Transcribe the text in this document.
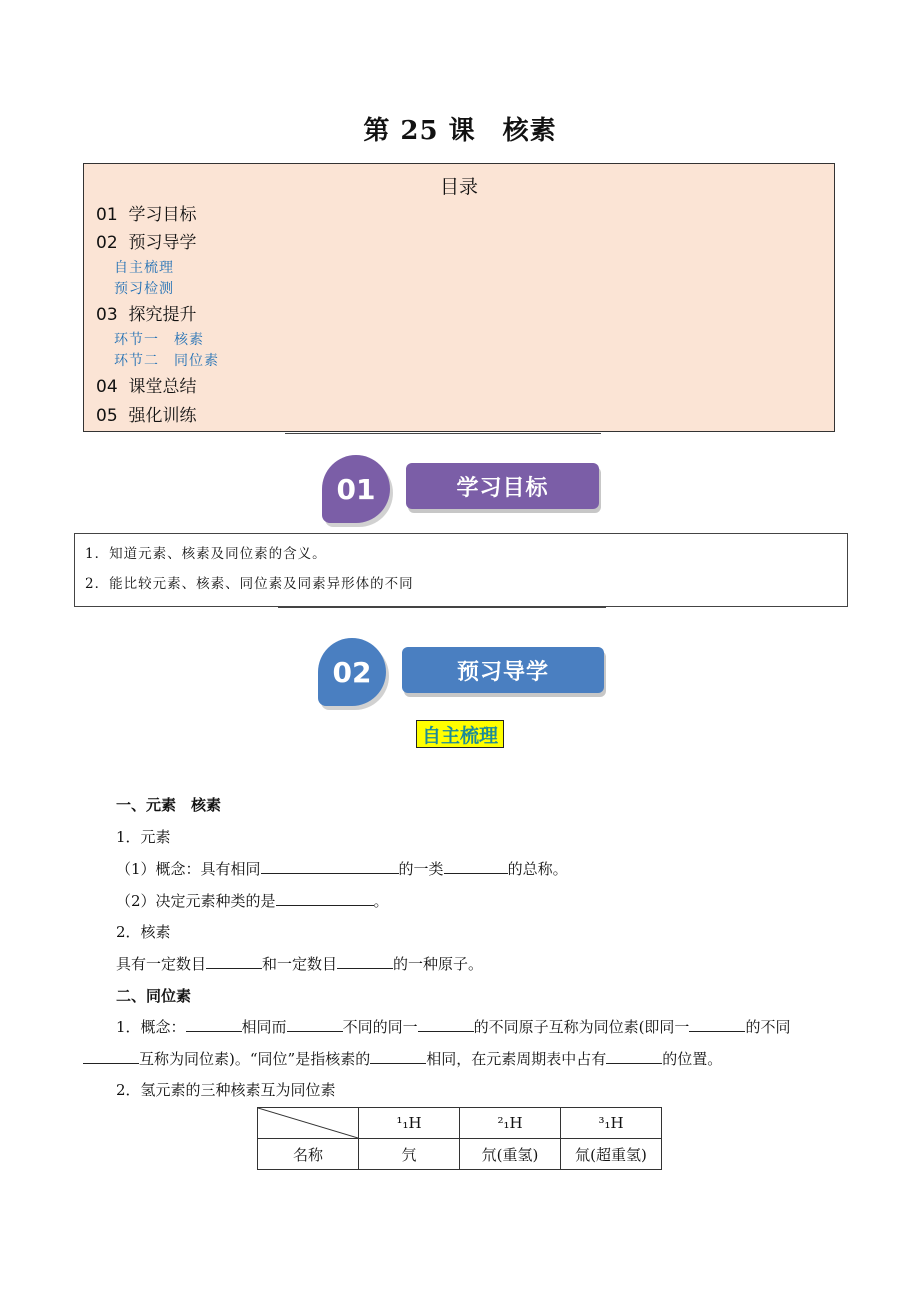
第 25 课　核素
目录
01 学习目标
02 预习导学
自主梳理
预习检测
03 探究提升
环节一　核素
环节二　同位素
04 课堂总结
05 强化训练
01	学习目标
1．知道元素、核素及同位素的含义。
2．能比较元素、核素、同位素及同素异形体的不同
02	预习导学
自主梳理
一、元素　核素
1．元素
（1）概念：具有相同	的一类	的总称。
（2）决定元素种类的是	。
2．核素
具有一定数目	和一定数目	的一种原子。
二、同位素
1．概念：	相同而	不同的同一	的不同原子互称为同位素(即同一	的不同
互称为同位素)。“同位”是指核素的	相同，在元素周期表中占有	的位置。
2．氢元素的三种核素互为同位素
	¹₁H	²₁H	³₁H
名称	氕	氘(重氢)	氚(超重氢)
